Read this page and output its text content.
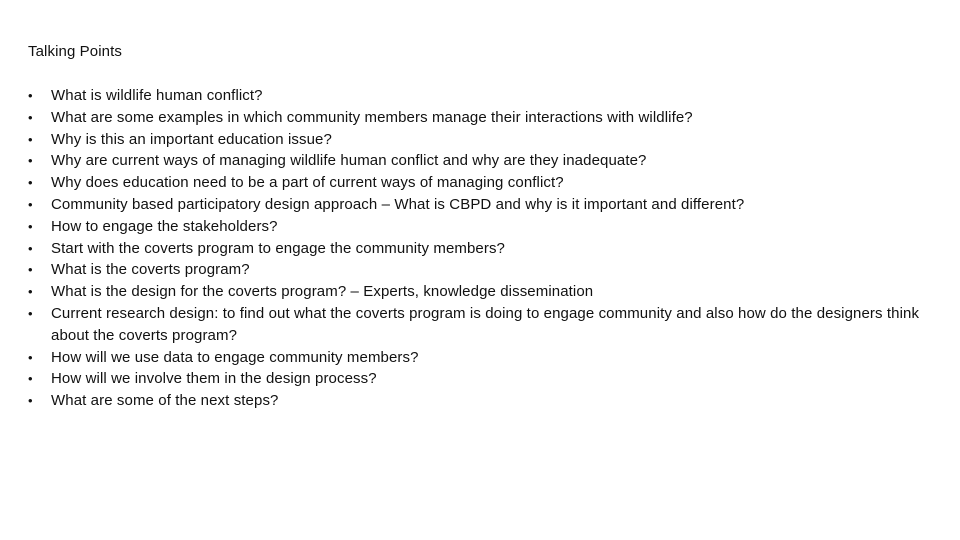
Talking Points
• What is wildlife human conflict?
• What are some examples in which community members manage their interactions with wildlife?
• Why is this an important education issue?
• Why are current ways of managing wildlife human conflict and why are they inadequate?
• Why does education need to be a part of current ways of managing conflict?
• Community based participatory design approach – What is CBPD and why is it important and different?
• How to engage the stakeholders?
• Start with the coverts program to engage the community members?
• What is the coverts program?
• What is the design for the coverts program? – Experts, knowledge dissemination
• Current research design: to find out what the coverts program is doing to engage community and also how do the designers think about the coverts program?
• How will we use data to engage community members?
• How will we involve them in the design process?
• What are some of the next steps?
